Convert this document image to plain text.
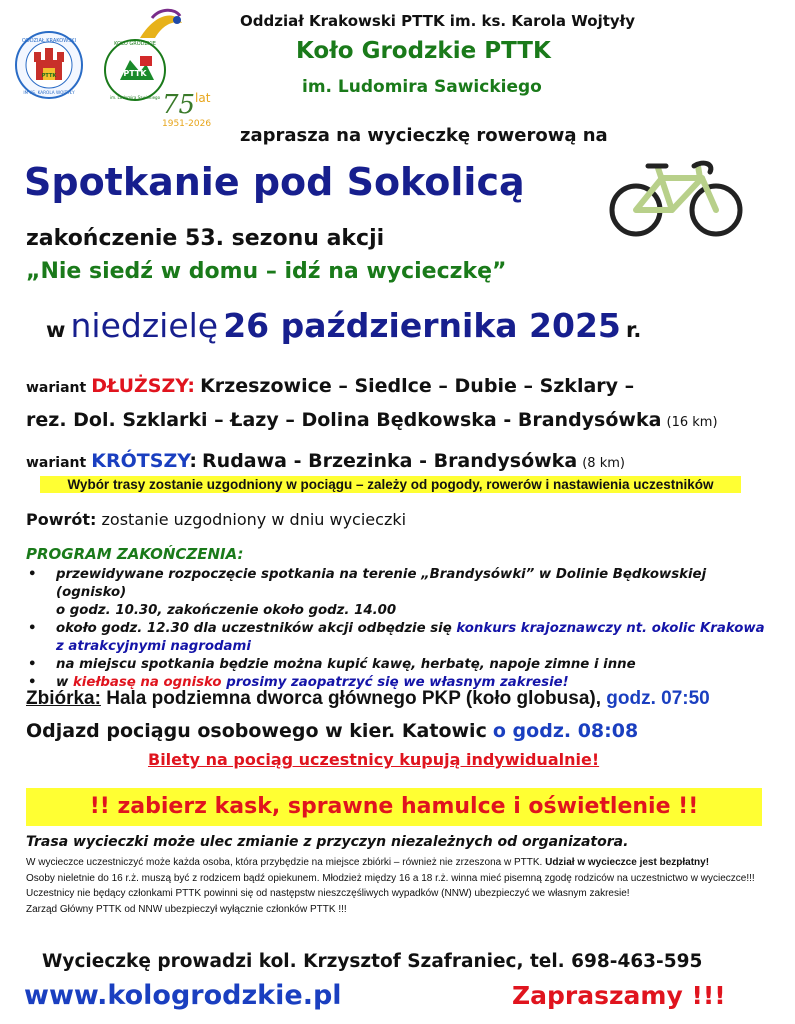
ODDZIAŁ KRAKOWSKI
IM KS. KAROLA WOJTYŁY
PTTK
KOŁO GRODZKIE
im. Ludomira Sawickiego
PTTK
75 lat
1951-2026
Oddział Krakowski PTTK im. ks. Karola Wojtyły
Koło Grodzkie PTTK
im. Ludomira Sawickiego
zaprasza na wycieczkę rowerową na
Spotkanie pod Sokolicą
zakończenie 53. sezonu akcji
„Nie siedź w domu – idź na wycieczkę”
w niedzielę 26 października 2025 r.
wariant DŁUŻSZY: Krzeszowice – Siedlce – Dubie – Szklary –
rez. Dol. Szklarki – Łazy – Dolina Będkowska - Brandysówka (16 km)
wariant KRÓTSZY: Rudawa - Brzezinka - Brandysówka (8 km)
Wybór trasy zostanie uzgodniony w pociągu – zależy od pogody, rowerów i nastawienia uczestników
Powrót: zostanie uzgodniony w dniu wycieczki
PROGRAM ZAKOŃCZENIA:
• przewidywane rozpoczęcie spotkania na terenie „Brandysówki” w Dolinie Będkowskiej (ognisko)
o godz. 10.30, zakończenie około godz. 14.00
• około godz. 12.30 dla uczestników akcji odbędzie się konkurs krajoznawczy nt. okolic Krakowa
z atrakcyjnymi nagrodami
• na miejscu spotkania będzie można kupić kawę, herbatę, napoje zimne i inne
• w kiełbasę na ognisko prosimy zaopatrzyć się we własnym zakresie!
Zbiórka: Hala podziemna dworca głównego PKP (koło globusa), godz. 07:50
Odjazd pociągu osobowego w kier. Katowic o godz. 08:08
Bilety na pociąg uczestnicy kupują indywidualnie!
!! zabierz kask, sprawne hamulce i oświetlenie !!
Trasa wycieczki może ulec zmianie z przyczyn niezależnych od organizatora.

W wycieczce uczestniczyć może każda osoba, która przybędzie na miejsce zbiórki – również nie zrzeszona w PTTK. Udział w wycieczce jest bezpłatny!

Osoby nieletnie do 16 r.ż. muszą być z rodzicem bądź opiekunem. Młodzież między 16 a 18 r.ż. winna mieć pisemną zgodę rodziców na uczestnictwo w wycieczce!!!

Uczestnicy nie będący członkami PTTK powinni się od następstw nieszczęśliwych wypadków (NNW) ubezpieczyć we własnym zakresie!

Zarząd Główny PTTK od NNW ubezpieczył wyłącznie członków PTTK !!!

Wycieczkę prowadzi kol. Krzysztof Szafraniec, tel. 698-463-595
www.kologrodzkie.pl	Zapraszamy !!!
